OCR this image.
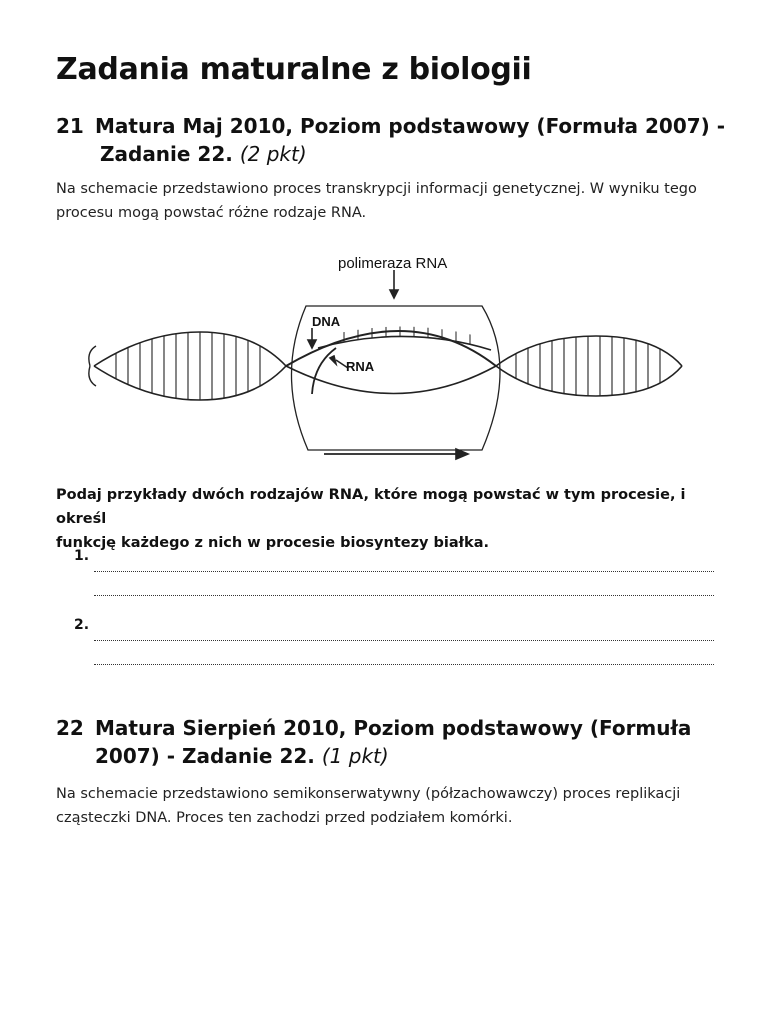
Zadania maturalne z biologii
21 Matura Maj 2010, Poziom podstawowy (Formuła 2007) -
Zadanie 22. (2 pkt)

Na schemacie przedstawiono proces transkrypcji informacji genetycznej. W wyniku tego
procesu mogą powstać różne rodzaje RNA.

polimeraza RNA
DNA
RNA

Podaj przykłady dwóch rodzajów RNA, które mogą powstać w tym procesie, i określ
funkcję każdego z nich w procesie biosyntezy białka.

1.
2.
22 Matura Sierpień 2010, Poziom podstawowy (Formuła
2007) - Zadanie 22. (1 pkt)

Na schemacie przedstawiono semikonserwatywny (półzachowawczy) proces replikacji
cząsteczki DNA. Proces ten zachodzi przed podziałem komórki.
